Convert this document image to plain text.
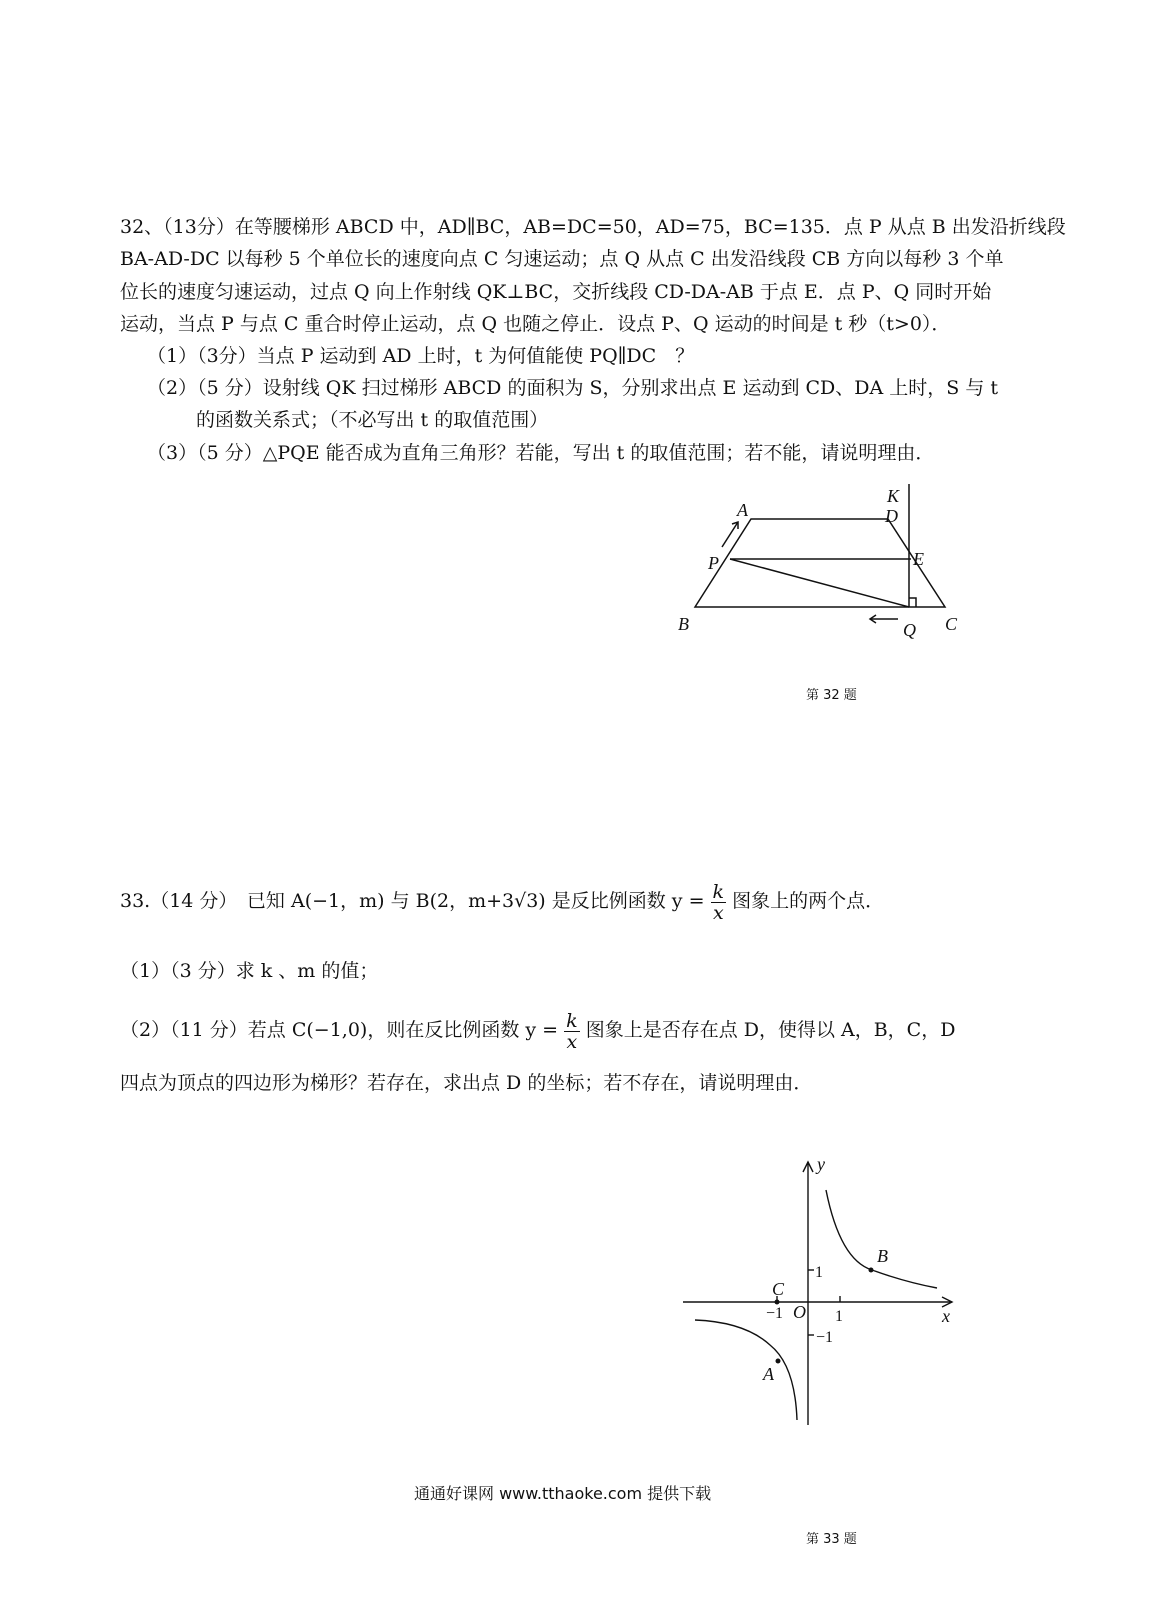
32、（13分）在等腰梯形 ABCD 中，AD∥BC，AB=DC=50，AD=75，BC=135．点 P 从点 B 出发沿折线段
BA-AD-DC 以每秒 5 个单位长的速度向点 C 匀速运动；点 Q 从点 C 出发沿线段 CB 方向以每秒 3 个单
位长的速度匀速运动，过点 Q 向上作射线 QK⊥BC，交折线段 CD-DA-AB 于点 E．点 P、Q 同时开始
运动，当点 P 与点 C 重合时停止运动，点 Q 也随之停止．设点 P、Q 运动的时间是 t 秒（t>0）．
（1）（3分）当点 P 运动到 AD 上时，t 为何值能使 PQ∥DC　？
（2）（5 分）设射线 QK 扫过梯形 ABCD 的面积为 S，分别求出点 E 运动到 CD、DA 上时，S 与 t
的函数关系式；（不必写出 t 的取值范围）
（3）（5 分）△PQE 能否成为直角三角形？若能，写出 t 的取值范围；若不能，请说明理由．
A	D
K
E
P
B	Q C
第 32 题
33.（14 分）　已知 A(−1，m) 与 B(2，m+3√3) 是反比例函数 $y = \frac{k}{x}$ 图象上的两个点．
（1）（3 分）求 k 、m 的值；
（2）（11 分）若点 C(−1,0)，则在反比例函数 $y = \frac{k}{x}$ 图象上是否存在点 D，使得以 A，B，C，D
四点为顶点的四边形为梯形？若存在，求出点 D 的坐标；若不存在，请说明理由．
y
x
O
B
C
A
1
1
−1
−1
通通好课网 www.tthaoke.com 提供下载
第 33 题
